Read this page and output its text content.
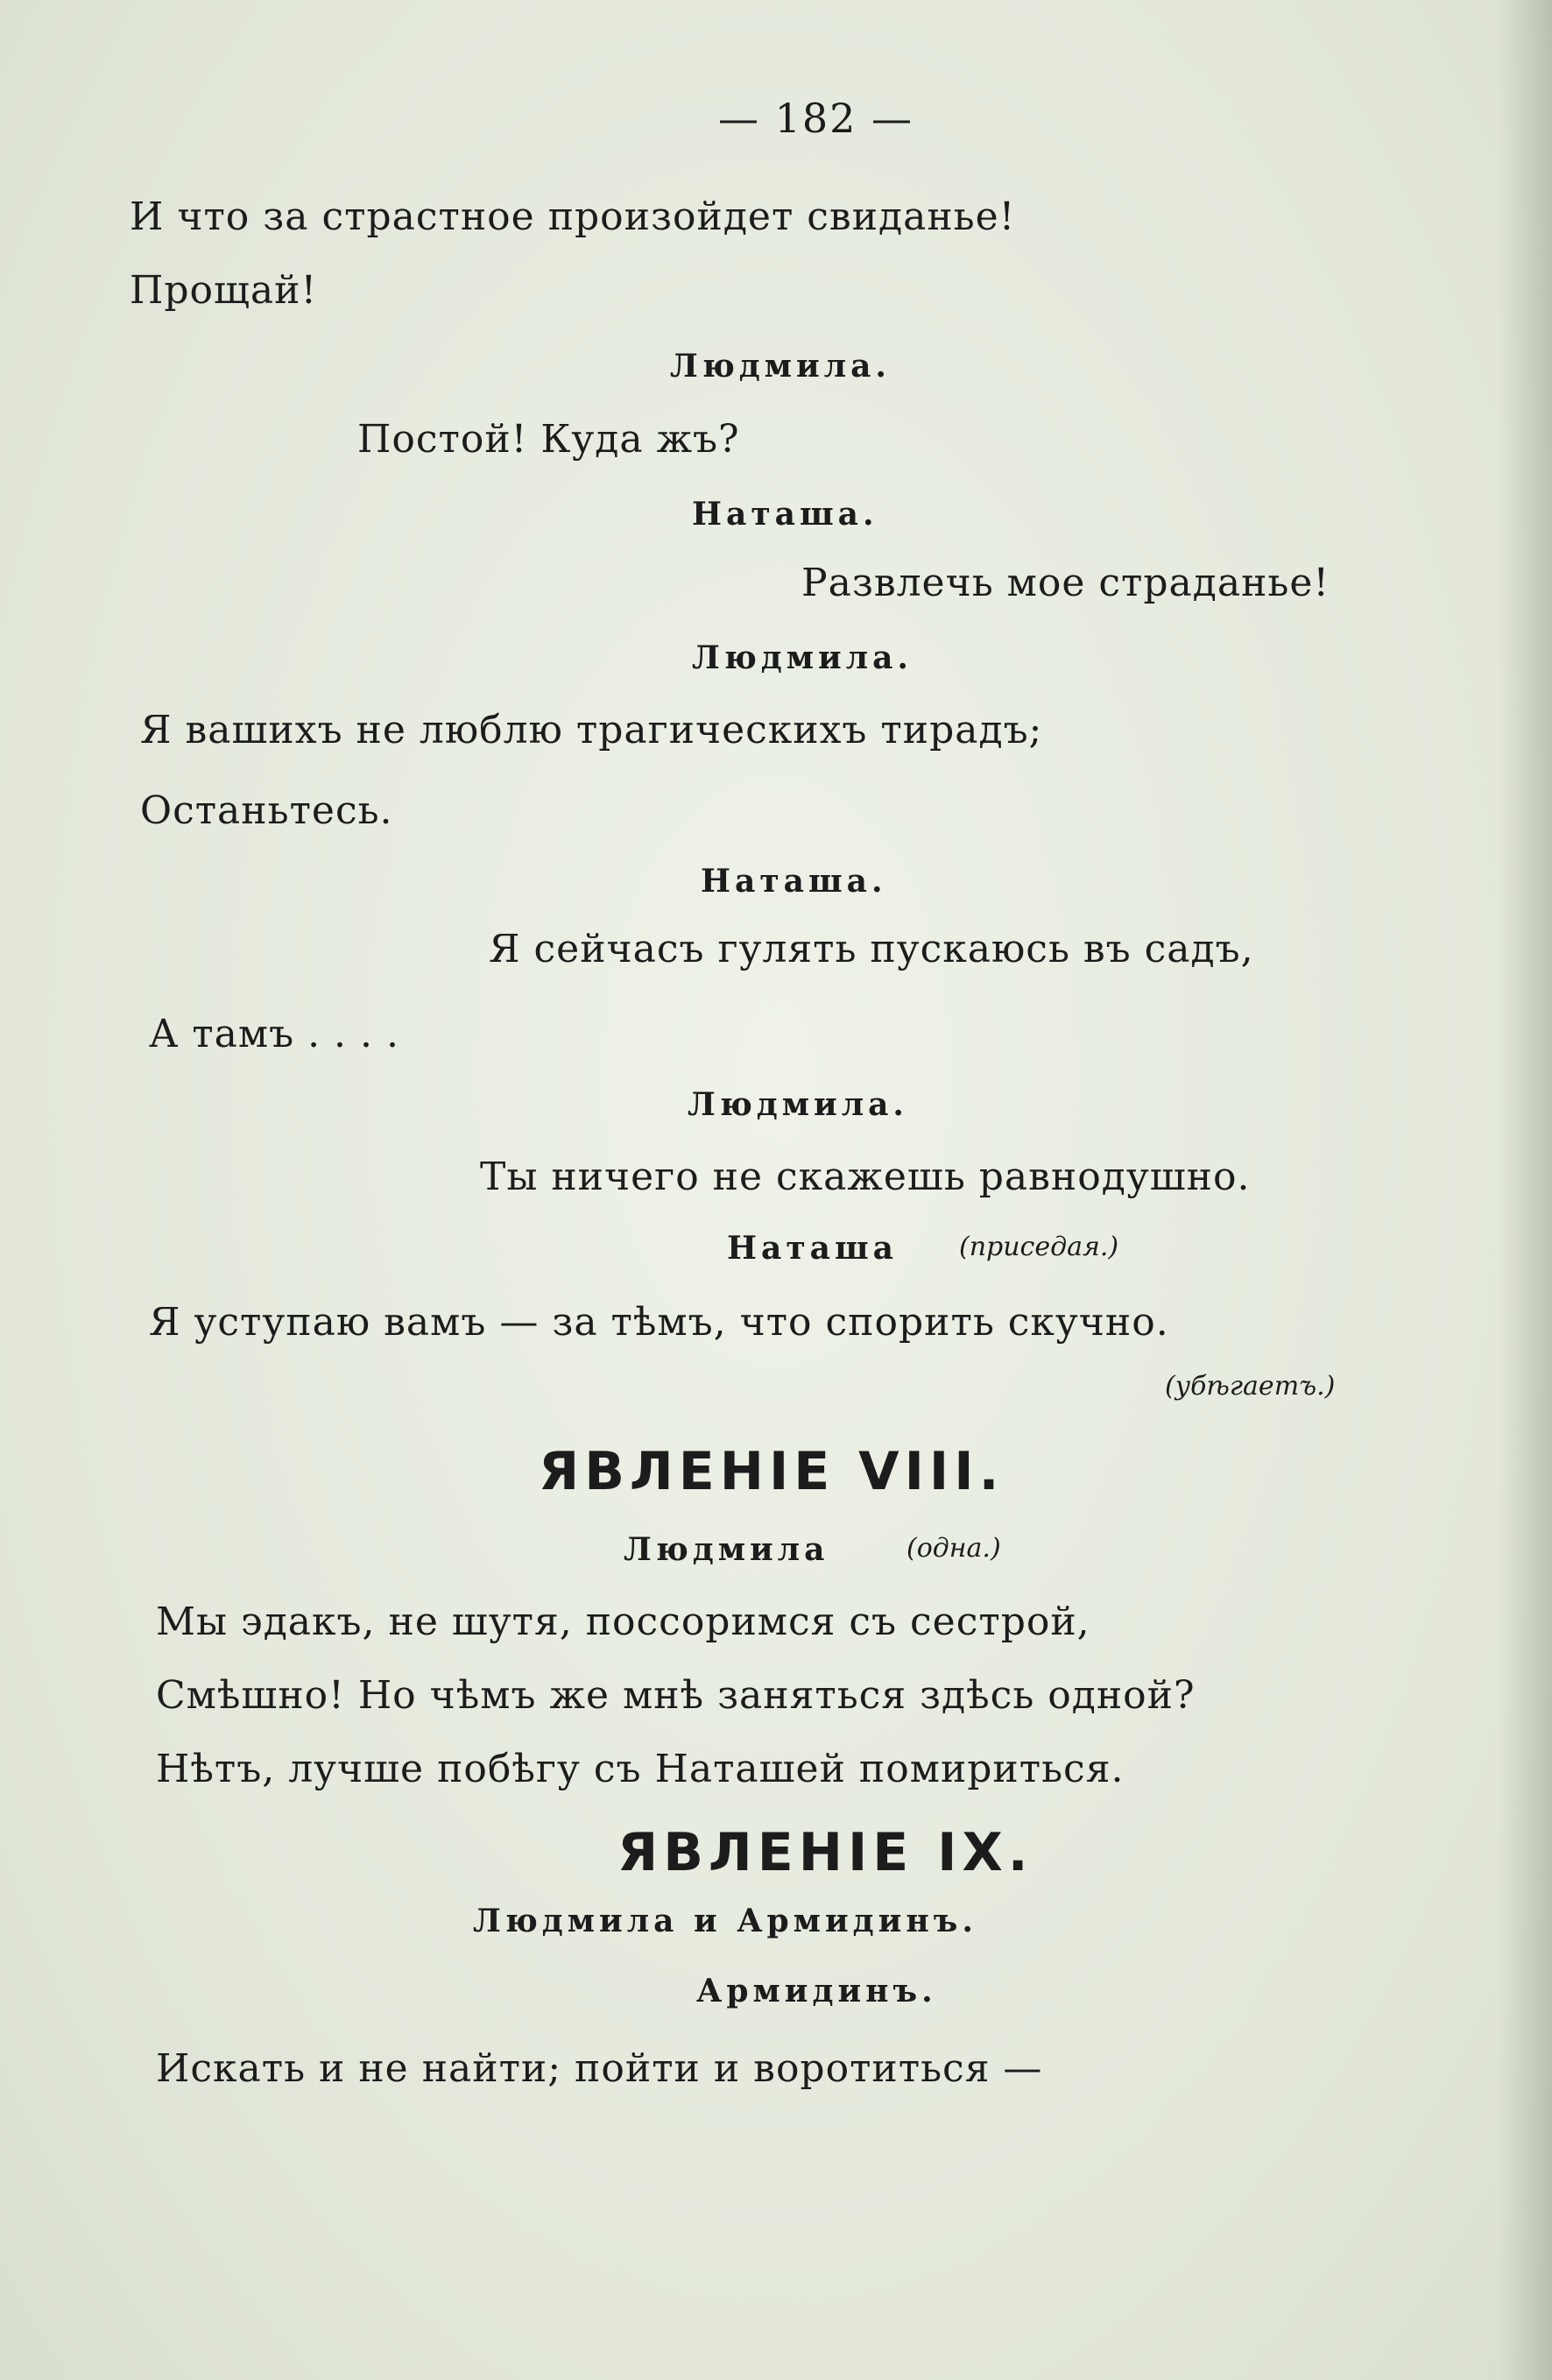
— 182 —
И что за страстное произойдет свиданье!
Прощай!
Людмила.
Постой! Куда жъ?
Наташа.
Развлечь мое страданье!
Людмила.
Я вашихъ не люблю трагическихъ тирадъ;
Останьтесь.
Наташа.
Я сейчасъ гулять пускаюсь въ садъ,
А тамъ . . . .
Людмила.
Ты ничего не скажешь равнодушно.
Наташа (приседая.)
Я уступаю вамъ — за тѣмъ, что спорить скучно.
(убѣгаетъ.)
ЯВЛЕНІЕ VIII.
Людмила	(одна.)
Мы эдакъ, не шутя, поссоримся съ сестрой,
Смѣшно! Но чѣмъ же мнѣ заняться здѣсь одной?
Нѣтъ, лучше побѣгу съ Наташей помириться.
ЯВЛЕНІЕ IX.
Людмила и Армидинъ.
Армидинъ.
Искать и не найти; пойти и воротиться —
